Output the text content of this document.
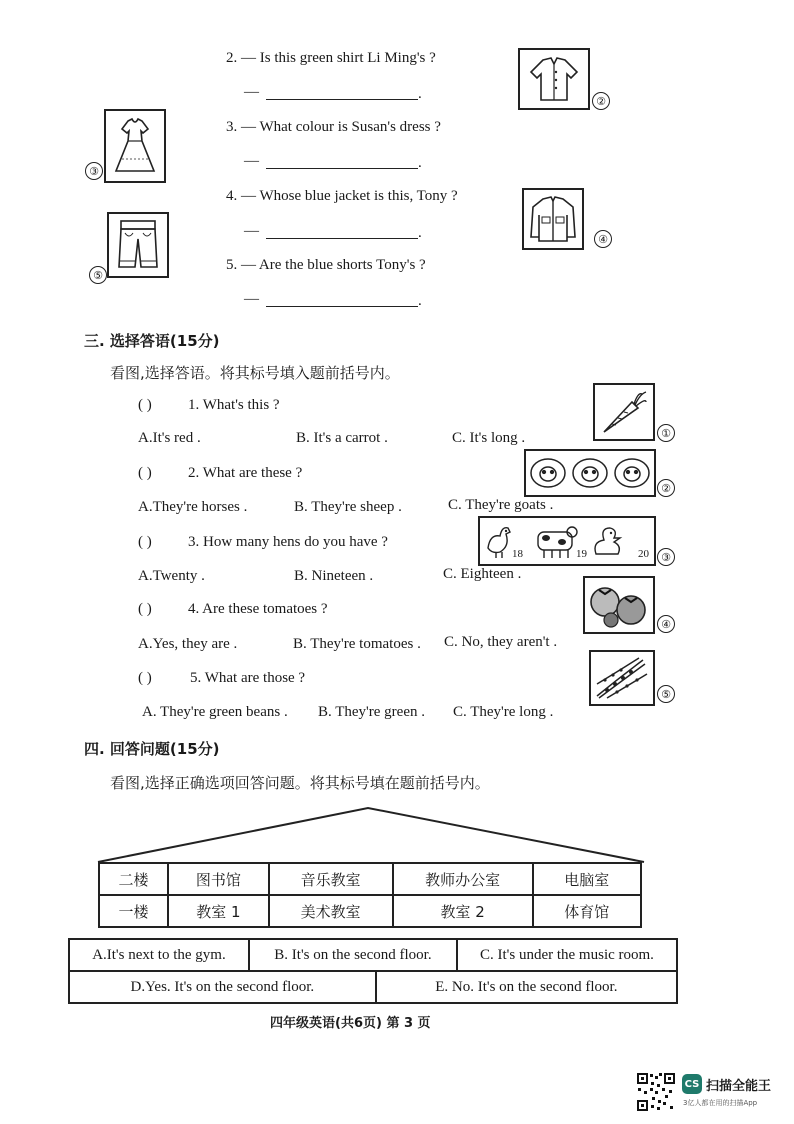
2. — Is this green shirt Li Ming's ?
—	.
3. — What colour is Susan's dress ?
—	.
4. — Whose blue jacket is this, Tony ?
—	.
5. — Are the blue shorts Tony's ?
—	.
②
③
④
⑤
三. 选择答语(15分)
看图,选择答语。将其标号填入题前括号内。
( ) 1. What's this ?
A.It's red .	B. It's a carrot .	C. It's long .
( ) 2. What are these ?
A.They're horses .	B. They're sheep .	C. They're goats .
( ) 3. How many hens do you have ?
A.Twenty .	B. Nineteen .	C. Eighteen .
( ) 4. Are these tomatoes ?
A.Yes, they are .	B. They're tomatoes . C. No, they aren't .
( )	5. What are those ?
A. They're green beans . B. They're green . C. They're long .
①
②
18	19	20	③
④
⑤
四. 回答问题(15分)
看图,选择正确选项回答问题。将其标号填在题前括号内。
二楼	图书馆	音乐教室	教师办公室	电脑室
一楼	教室 1	美术教室	教室 2	体育馆
A.It's next to the gym.	B. It's on the second floor.	C. It's under the music room.
D.Yes. It's on the second floor.	E. No. It's on the second floor.
四年级英语(共6页) 第 3 页
CS 扫描全能王
3亿人都在用的扫描App
